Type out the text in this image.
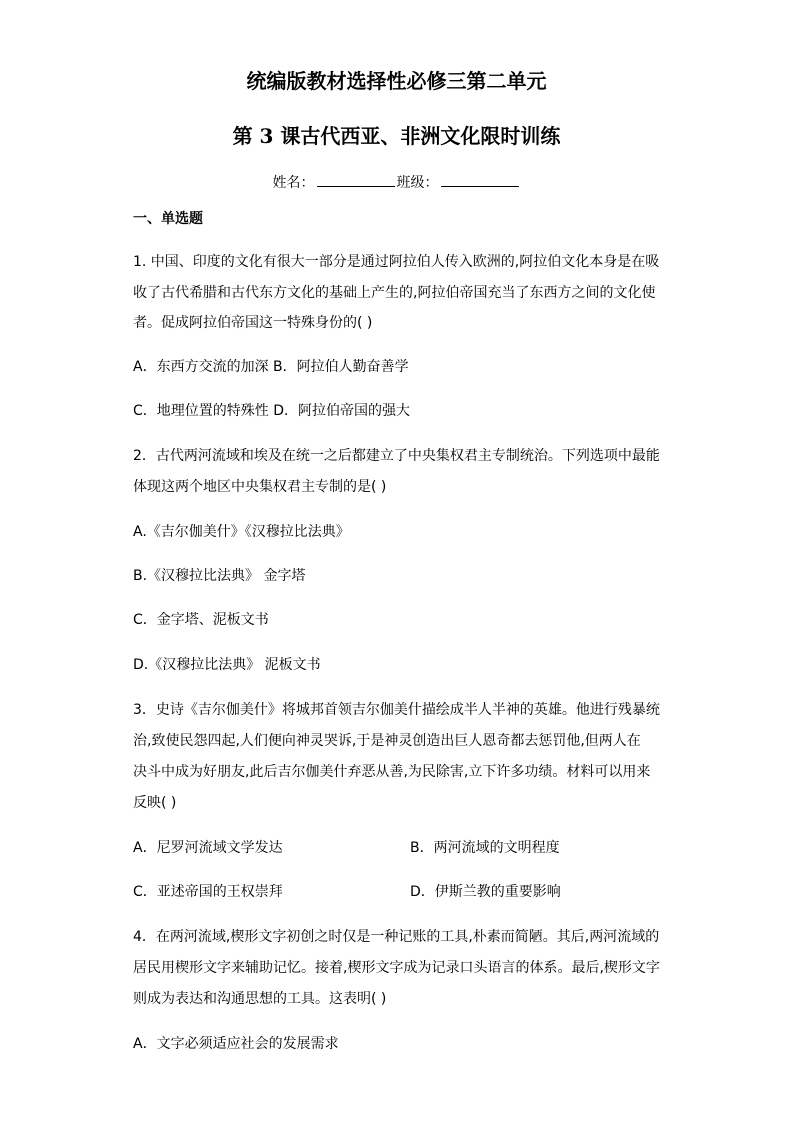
统编版教材选择性必修三第二单元
第 3 课古代西亚、非洲文化限时训练
姓名：	班级：
一、单选题
1. 中国、印度的文化有很大一部分是通过阿拉伯人传入欧洲的,阿拉伯文化本身是在吸
收了古代希腊和古代东方文化的基础上产生的,阿拉伯帝国充当了东西方之间的文化使
者。促成阿拉伯帝国这一特殊身份的( )
A．东西方交流的加深 B．阿拉伯人勤奋善学
C．地理位置的特殊性 D．阿拉伯帝国的强大
2．古代两河流域和埃及在统一之后都建立了中央集权君主专制统治。下列选项中最能
体现这两个地区中央集权君主专制的是( )
A.《吉尔伽美什》《汉穆拉比法典》
B.《汉穆拉比法典》 金字塔
C．金字塔、泥板文书
D.《汉穆拉比法典》 泥板文书
3．史诗《吉尔伽美什》将城邦首领吉尔伽美什描绘成半人半神的英雄。他进行残暴统
治,致使民怨四起,人们便向神灵哭诉,于是神灵创造出巨人恩奇都去惩罚他,但两人在
决斗中成为好朋友,此后吉尔伽美什弃恶从善,为民除害,立下许多功绩。材料可以用来
反映( )
A．尼罗河流域文学发达	B．两河流域的文明程度
C．亚述帝国的王权崇拜	D．伊斯兰教的重要影响
4．在两河流域,楔形文字初创之时仅是一种记账的工具,朴素而简陋。其后,两河流域的
居民用楔形文字来辅助记忆。接着,楔形文字成为记录口头语言的体系。最后,楔形文字
则成为表达和沟通思想的工具。这表明( )
A．文字必须适应社会的发展需求
